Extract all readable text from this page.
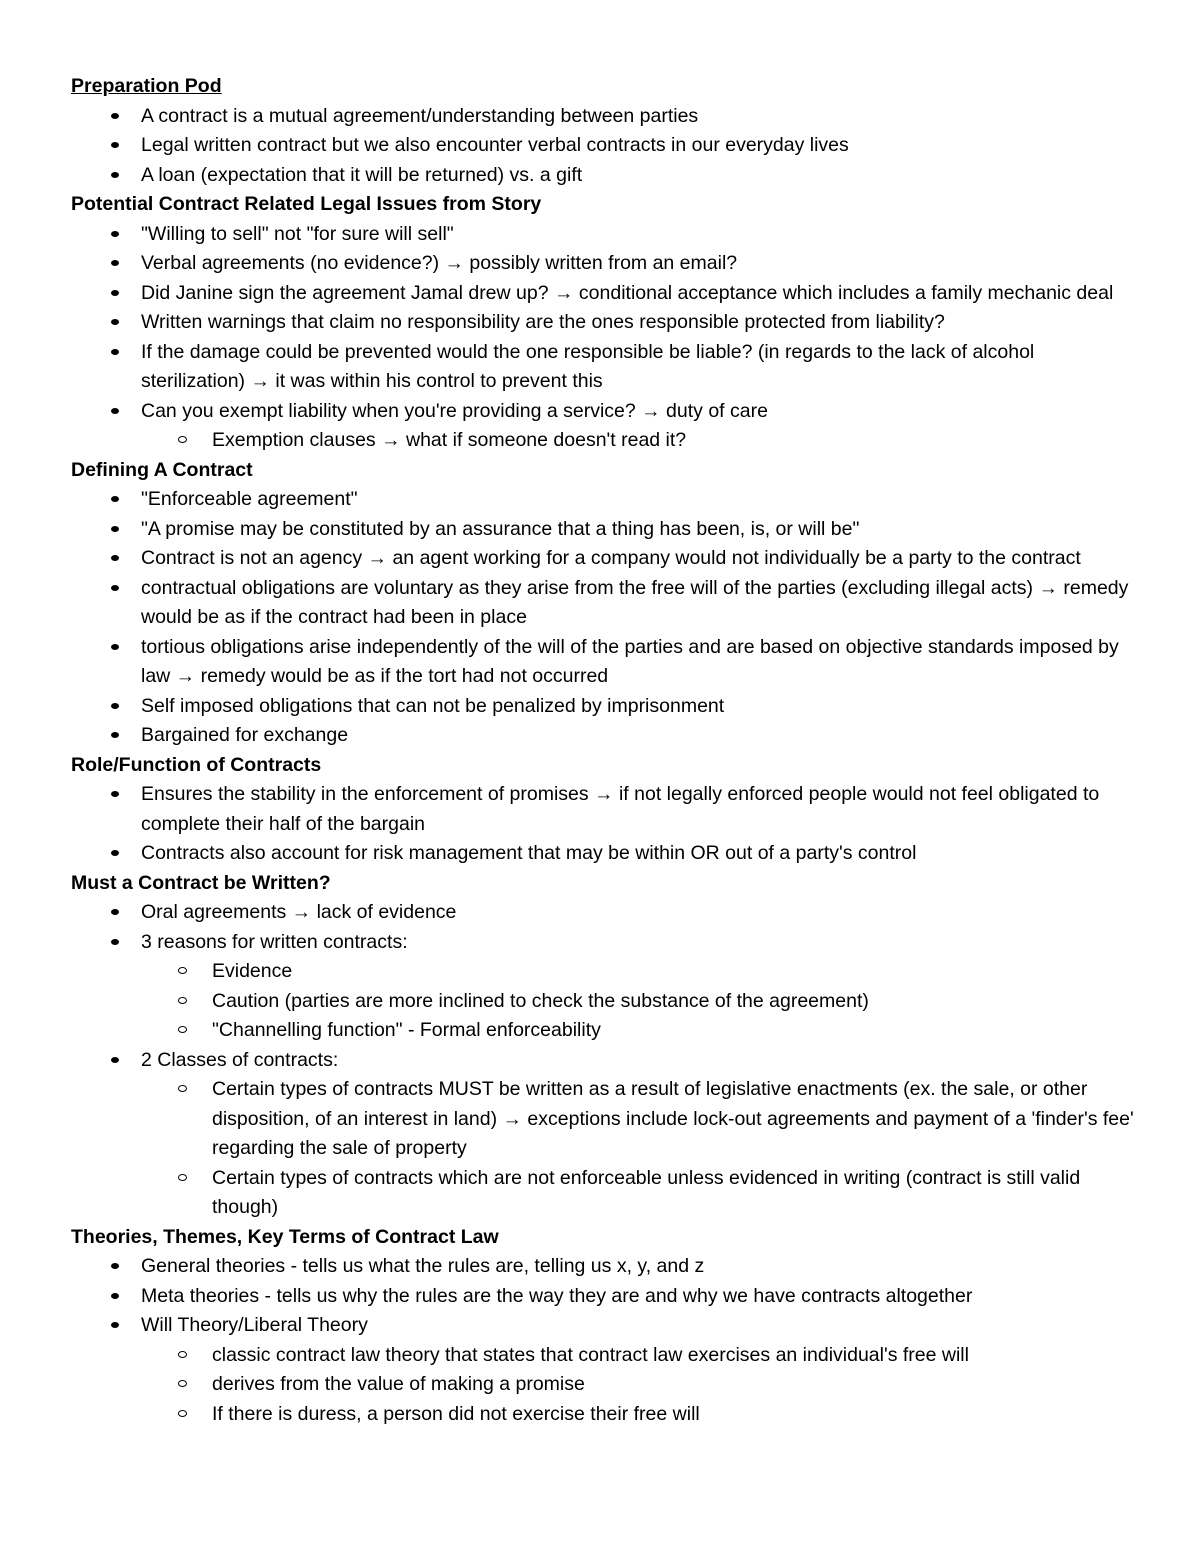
Preparation Pod
A contract is a mutual agreement/understanding between parties
Legal written contract but we also encounter verbal contracts in our everyday lives
A loan (expectation that it will be returned) vs. a gift
Potential Contract Related Legal Issues from Story
"Willing to sell" not "for sure will sell"
Verbal agreements (no evidence?) → possibly written from an email?
Did Janine sign the agreement Jamal drew up? → conditional acceptance which includes a family mechanic deal
Written warnings that claim no responsibility are the ones responsible protected from liability?
If the damage could be prevented would the one responsible be liable? (in regards to the lack of alcohol sterilization) → it was within his control to prevent this
Can you exempt liability when you're providing a service? → duty of care
Exemption clauses → what if someone doesn't read it?
Defining A Contract
"Enforceable agreement"
"A promise may be constituted by an assurance that a thing has been, is, or will be"
Contract is not an agency → an agent working for a company would not individually be a party to the contract
contractual obligations are voluntary as they arise from the free will of the parties (excluding illegal acts) → remedy would be as if the contract had been in place
tortious obligations arise independently of the will of the parties and are based on objective standards imposed by law → remedy would be as if the tort had not occurred
Self imposed obligations that can not be penalized by imprisonment
Bargained for exchange
Role/Function of Contracts
Ensures the stability in the enforcement of promises → if not legally enforced people would not feel obligated to complete their half of the bargain
Contracts also account for risk management that may be within OR out of a party's control
Must a Contract be Written?
Oral agreements → lack of evidence
3 reasons for written contracts:
Evidence
Caution (parties are more inclined to check the substance of the agreement)
"Channelling function" - Formal enforceability
2 Classes of contracts:
Certain types of contracts MUST be written as a result of legislative enactments (ex. the sale, or other disposition, of an interest in land) → exceptions include lock-out agreements and payment of a 'finder's fee' regarding the sale of property
Certain types of contracts which are not enforceable unless evidenced in writing (contract is still valid though)
Theories, Themes, Key Terms of Contract Law
General theories - tells us what the rules are, telling us x, y, and z
Meta theories - tells us why the rules are the way they are and why we have contracts altogether
Will Theory/Liberal Theory
classic contract law theory that states that contract law exercises an individual's free will
derives from the value of making a promise
If there is duress, a person did not exercise their free will
